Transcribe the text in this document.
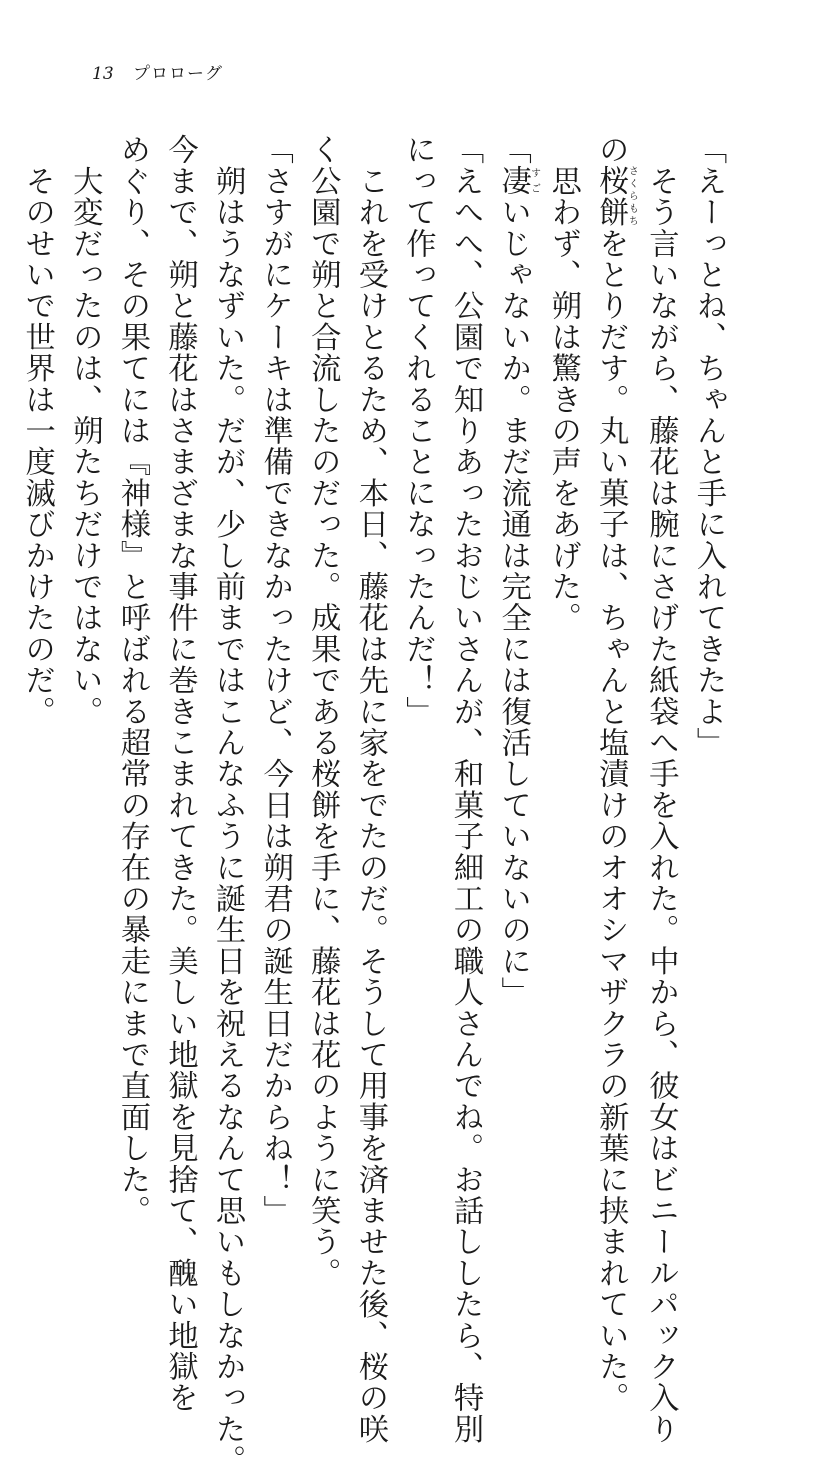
13 プロローグ
「えーっとね、ちゃんと手に入れてきたよ」
　そう言いながら、藤花は腕にさげた紙袋へ手を入れた。中から、彼女はビニールパック入り
の桜餅さくらもちをとりだす。丸い菓子は、ちゃんと塩漬けのオオシマザクラの新葉に挟まれていた。
　思わず、朔は驚きの声をあげた。
「凄すごいじゃないか。まだ流通は完全には復活していないのに」
「えへへ、公園で知りあったおじいさんが、和菓子細工の職人さんでね。お話ししたら、特別
にって作ってくれることになったんだ！」
　これを受けとるため、本日、藤花は先に家をでたのだ。そうして用事を済ませた後、桜の咲
く公園で朔と合流したのだった。成果である桜餅を手に、藤花は花のように笑う。
「さすがにケーキは準備できなかったけど、今日は朔君の誕生日だからね！」
　朔はうなずいた。だが、少し前まではこんなふうに誕生日を祝えるなんて思いもしなかった。
今まで、朔と藤花はさまざまな事件に巻きこまれてきた。美しい地獄を見捨て、醜い地獄を
めぐり、その果てには『神様』と呼ばれる超常の存在の暴走にまで直面した。
　大変だったのは、朔たちだけではない。
　そのせいで世界は一度滅びかけたのだ。
